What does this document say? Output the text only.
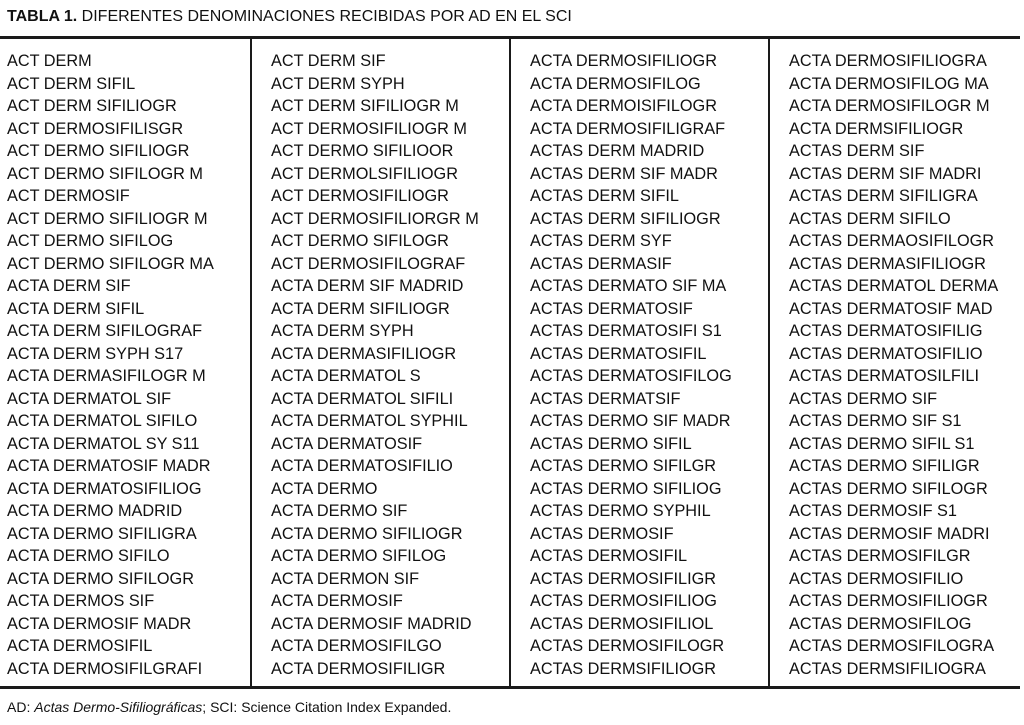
TABLA 1. DIFERENTES DENOMINACIONES RECIBIDAS POR AD EN EL SCI
ACT DERM
ACT DERM SIFIL
ACT DERM SIFILIOGR
ACT DERMOSIFILISGR
ACT DERMO SIFILIOGR
ACT DERMO SIFILOGR M
ACT DERMOSIF
ACT DERMO SIFILIOGR M
ACT DERMO SIFILOG
ACT DERMO SIFILOGR MA
ACTA DERM SIF
ACTA DERM SIFIL
ACTA DERM SIFILOGRAF
ACTA DERM SYPH S17
ACTA DERMASIFILOGR M
ACTA DERMATOL SIF
ACTA DERMATOL SIFILO
ACTA DERMATOL SY S11
ACTA DERMATOSIF MADR
ACTA DERMATOSIFILIOG
ACTA DERMO MADRID
ACTA DERMO SIFILIGRA
ACTA DERMO SIFILO
ACTA DERMO SIFILOGR
ACTA DERMOS SIF
ACTA DERMOSIF MADR
ACTA DERMOSIFIL
ACTA DERMOSIFILGRAFI
ACT DERM SIF
ACT DERM SYPH
ACT DERM SIFILIOGR M
ACT DERMOSIFILIOGR M
ACT DERMO SIFILIOOR
ACT DERMOLSIFILIOGR
ACT DERMOSIFILIOGR
ACT DERMOSIFILIORGR M
ACT DERMO SIFILOGR
ACT DERMOSIFILOGRAF
ACTA DERM SIF MADRID
ACTA DERM SIFILIOGR
ACTA DERM SYPH
ACTA DERMASIFILIOGR
ACTA DERMATOL S
ACTA DERMATOL SIFILI
ACTA DERMATOL SYPHIL
ACTA DERMATOSIF
ACTA DERMATOSIFILIO
ACTA DERMO
ACTA DERMO SIF
ACTA DERMO SIFILIOGR
ACTA DERMO SIFILOG
ACTA DERMON SIF
ACTA DERMOSIF
ACTA DERMOSIF MADRID
ACTA DERMOSIFILGO
ACTA DERMOSIFILIGR
ACTA DERMOSIFILIOGR
ACTA DERMOSIFILOG
ACTA DERMOISIFILOGR
ACTA DERMOSIFILIGRAF
ACTAS DERM MADRID
ACTAS DERM SIF MADR
ACTAS DERM SIFIL
ACTAS DERM SIFILIOGR
ACTAS DERM SYF
ACTAS DERMASIF
ACTAS DERMATO SIF MA
ACTAS DERMATOSIF
ACTAS DERMATOSIFI S1
ACTAS DERMATOSIFIL
ACTAS DERMATOSIFILOG
ACTAS DERMATSIF
ACTAS DERMO SIF MADR
ACTAS DERMO SIFIL
ACTAS DERMO SIFILGR
ACTAS DERMO SIFILIOG
ACTAS DERMO SYPHIL
ACTAS DERMOSIF
ACTAS DERMOSIFIL
ACTAS DERMOSIFILIGR
ACTAS DERMOSIFILIOG
ACTAS DERMOSIFILIOL
ACTAS DERMOSIFILOGR
ACTAS DERMSIFILIOGR
ACTA DERMOSIFILIOGRA
ACTA DERMOSIFILOG MA
ACTA DERMOSIFILOGR M
ACTA DERMSIFILIOGR
ACTAS DERM SIF
ACTAS DERM SIF MADRI
ACTAS DERM SIFILIGRA
ACTAS DERM SIFILO
ACTAS DERMAOSIFILOGR
ACTAS DERMASIFILIOGR
ACTAS DERMATOL DERMA
ACTAS DERMATOSIF MAD
ACTAS DERMATOSIFILIG
ACTAS DERMATOSIFILIO
ACTAS DERMATOSILFILI
ACTAS DERMO SIF
ACTAS DERMO SIF S1
ACTAS DERMO SIFIL S1
ACTAS DERMO SIFILIGR
ACTAS DERMO SIFILOGR
ACTAS DERMOSIF S1
ACTAS DERMOSIF MADRI
ACTAS DERMOSIFILGR
ACTAS DERMOSIFILIO
ACTAS DERMOSIFILIOGR
ACTAS DERMOSIFILOG
ACTAS DERMOSIFILOGRA
ACTAS DERMSIFILIOGRA
AD: Actas Dermo-Sifiliográficas; SCI: Science Citation Index Expanded.
